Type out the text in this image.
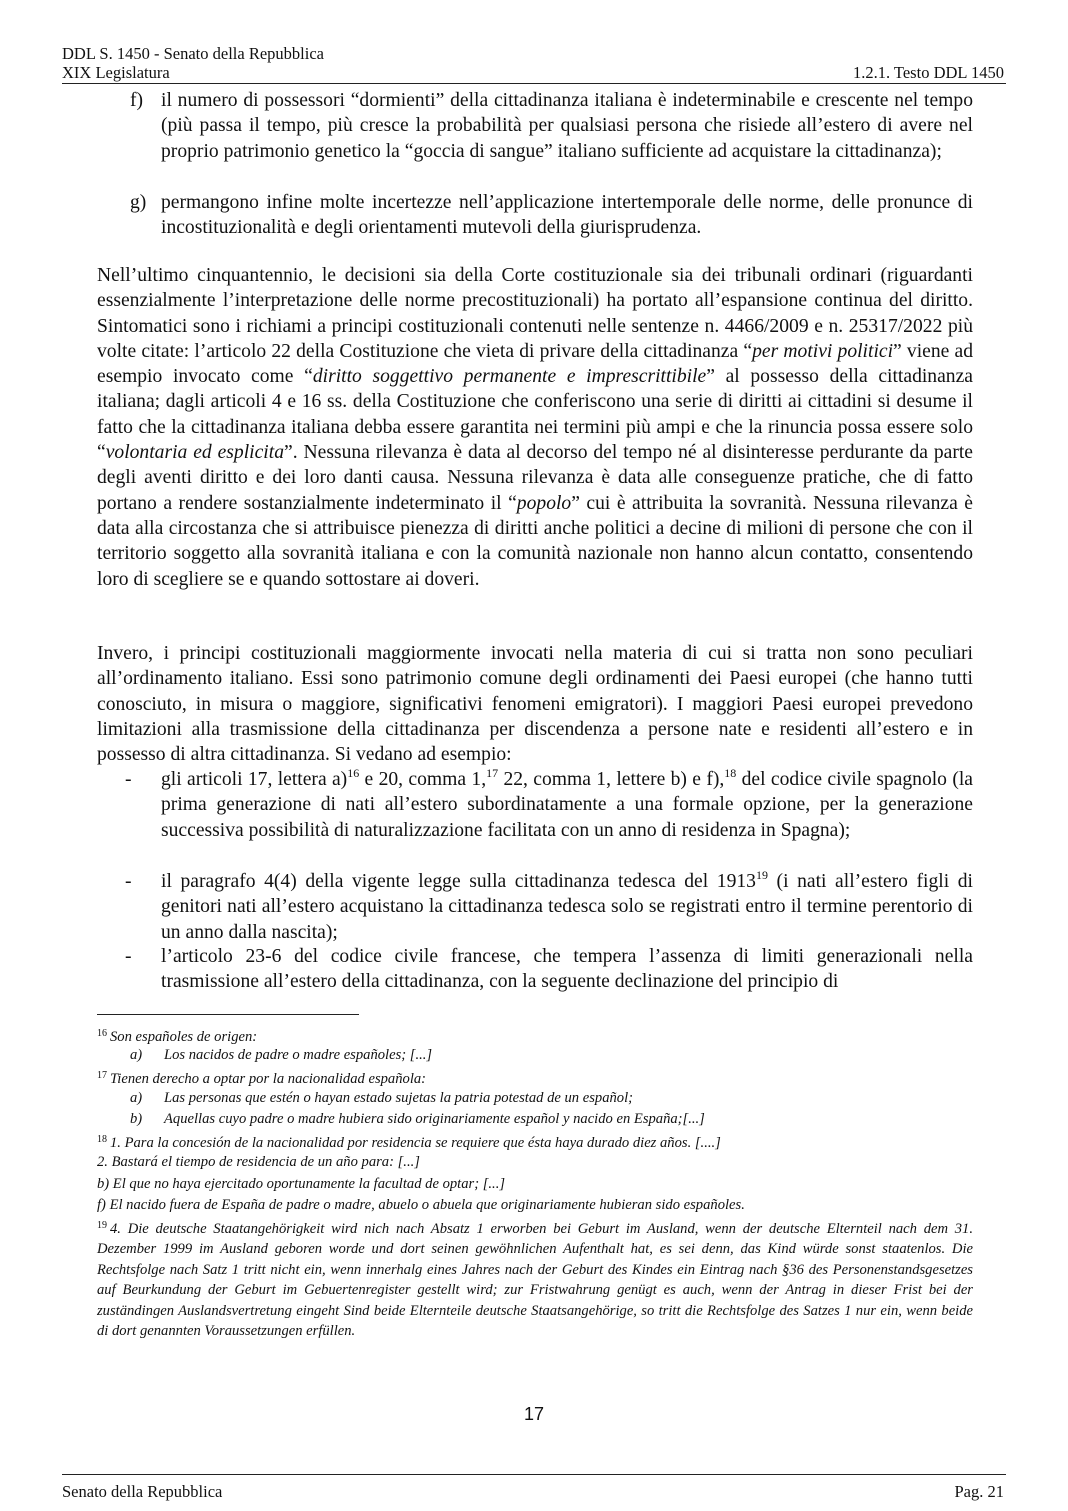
DDL S. 1450 - Senato della Repubblica
XIX Legislatura	1.2.1. Testo DDL 1450
f) il numero di possessori “dormienti” della cittadinanza italiana è indeterminabile e crescente nel tempo (più passa il tempo, più cresce la probabilità per qualsiasi persona che risiede all’estero di avere nel proprio patrimonio genetico la “goccia di sangue” italiano sufficiente ad acquistare la cittadinanza);
g) permangono infine molte incertezze nell’applicazione intertemporale delle norme, delle pronunce di incostituzionalità e degli orientamenti mutevoli della giurisprudenza.
Nell’ultimo cinquantennio, le decisioni sia della Corte costituzionale sia dei tribunali ordinari (riguardanti essenzialmente l’interpretazione delle norme precostituzionali) ha portato all’espansione continua del diritto. Sintomatici sono i richiami a principi costituzionali contenuti nelle sentenze n. 4466/2009 e n. 25317/2022 più volte citate: l’articolo 22 della Costituzione che vieta di privare della cittadinanza “per motivi politici” viene ad esempio invocato come “diritto soggettivo permanente e imprescrittibile” al possesso della cittadinanza italiana; dagli articoli 4 e 16 ss. della Costituzione che conferiscono una serie di diritti ai cittadini si desume il fatto che la cittadinanza italiana debba essere garantita nei termini più ampi e che la rinuncia possa essere solo “volontaria ed esplicita”. Nessuna rilevanza è data al decorso del tempo né al disinteresse perdurante da parte degli aventi diritto e dei loro danti causa. Nessuna rilevanza è data alle conseguenze pratiche, che di fatto portano a rendere sostanzialmente indeterminato il “popolo” cui è attribuita la sovranità. Nessuna rilevanza è data alla circostanza che si attribuisce pienezza di diritti anche politici a decine di milioni di persone che con il territorio soggetto alla sovranità italiana e con la comunità nazionale non hanno alcun contatto, consentendo loro di scegliere se e quando sottostare ai doveri.
Invero, i principi costituzionali maggiormente invocati nella materia di cui si tratta non sono peculiari all’ordinamento italiano. Essi sono patrimonio comune degli ordinamenti dei Paesi europei (che hanno tutti conosciuto, in misura o maggiore, significativi fenomeni emigratori). I maggiori Paesi europei prevedono limitazioni alla trasmissione della cittadinanza per discendenza a persone nate e residenti all’estero e in possesso di altra cittadinanza. Si vedano ad esempio:
- gli articoli 17, lettera a)$^{16}$ e 20, comma 1,17 22, comma 1, lettere b) e f),$^{18}$ del codice civile spagnolo (la prima generazione di nati all’estero subordinatamente a una formale opzione, per la generazione successiva possibilità di naturalizzazione facilitata con un anno di residenza in Spagna);
- il paragrafo 4(4) della vigente legge sulla cittadinanza tedesca del 1913$^{19}$ (i nati all’estero figli di genitori nati all’estero acquistano la cittadinanza tedesca solo se registrati entro il termine perentorio di un anno dalla nascita);
- l’articolo 23-6 del codice civile francese, che tempera l’assenza di limiti generazionali nella trasmissione all’estero della cittadinanza, con la seguente declinazione del principio di
$^{16}$ Son españoles de origen:
a) Los nacidos de padre o madre españoles; [...]
$^{17}$ Tienen derecho a optar por la nacionalidad española:
a) Las personas que estén o hayan estado sujetas la patria potestad de un español;
b) Aquellas cuyo padre o madre hubiera sido originariamente español y nacido en España;[...]
$^{18}$ 1. Para la concesión de la nacionalidad por residencia se requiere que ésta haya durado diez años. [....]
2. Bastará el tiempo de residencia de un año para: [...]
b) El que no haya ejercitado oportunamente la facultad de optar; [...]
f) El nacido fuera de España de padre o madre, abuelo o abuela que originariamente hubieran sido españoles.
$^{19}$ 4. Die deutsche Staatangehörigkeit wird nich nach Absatz 1 erworben bei Geburt im Ausland, wenn der deutsche Elternteil nach dem 31. Dezember 1999 im Ausland geboren worde und dort seinen gewöhnlichen Aufenthalt hat, es sei denn, das Kind würde sonst staatenlos. Die Rechtsfolge nach Satz 1 tritt nicht ein, wenn innerhalg eines Jahres nach der Geburt des Kindes ein Eintrag nach §36 des Personenstandsgesetzes auf Beurkundung der Geburt im Gebuertenregister gestellt wird; zur Fristwahrung genügt es auch, wenn der Antrag in dieser Frist bei der zuständingen Auslandsvertretung eingeht Sind beide Elternteile deutsche Staatsangehörige, so tritt die Rechtsfolge des Satzes 1 nur ein, wenn beide di dort genannten Voraussetzungen erfüllen.
17
Senato della Repubblica	Pag. 21
